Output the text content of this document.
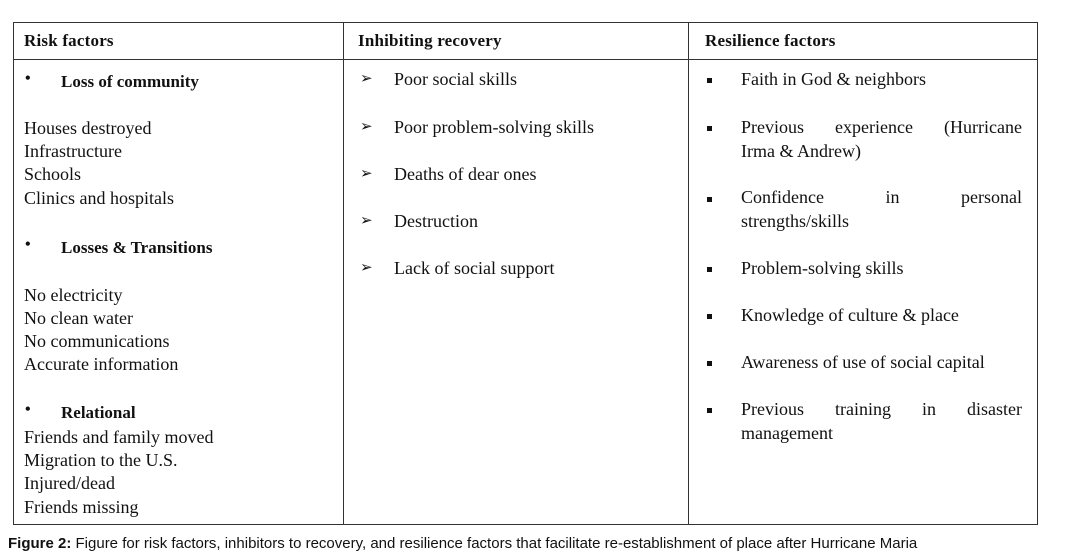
Risk factors	Inhibiting recovery	Resilience factors
• Loss of community
Houses destroyed
Infrastructure
Schools
Clinics and hospitals
• Losses & Transitions
No electricity
No clean water
No communications
Accurate information
• Relational
Friends and family moved
Migration to the U.S.
Injured/dead
Friends missing
➢ Poor social skills
➢ Poor problem-solving skills
➢ Deaths of dear ones
➢ Destruction
➢ Lack of social support
Faith in God & neighbors
Previous experience (Hurricane
Irma & Andrew)
Confidence in personal
strengths/skills
Problem-solving skills
Knowledge of culture & place
Awareness of use of social capital
Previous training in disaster
management
Figure 2: Figure for risk factors, inhibitors to recovery, and resilience factors that facilitate re-establishment of place after Hurricane Maria
